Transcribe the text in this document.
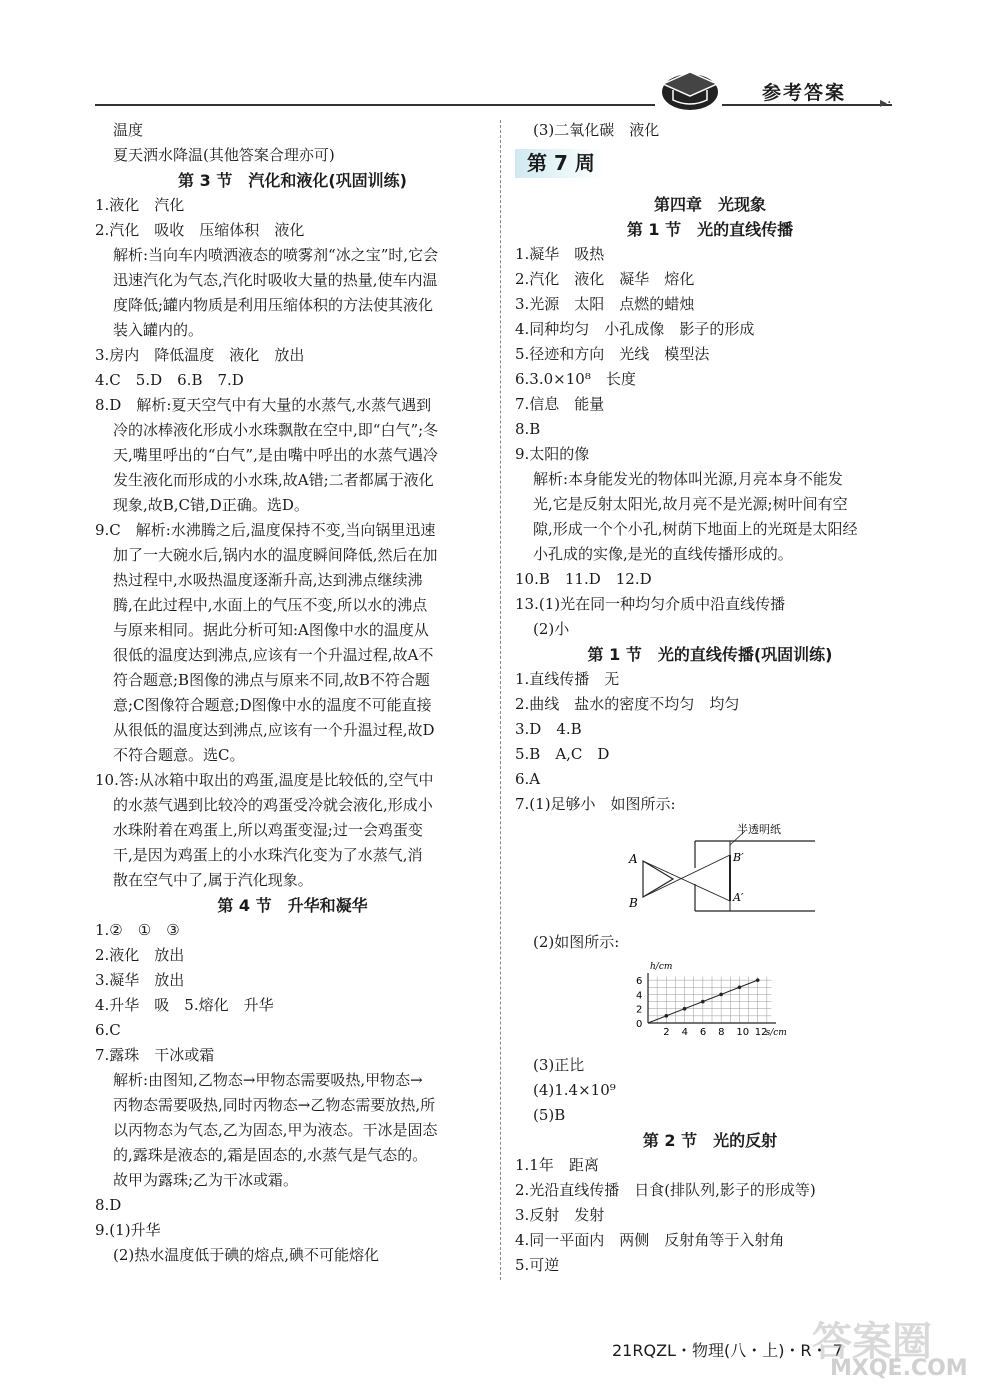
参考答案 ▸·
温度
夏天洒水降温(其他答案合理亦可)
第 3 节　汽化和液化(巩固训练)
1.液化　汽化
2.汽化　吸收　压缩体积　液化
解析:当向车内喷洒液态的喷雾剂“冰之宝”时,它会
迅速汽化为气态,汽化时吸收大量的热量,使车内温
度降低;罐内物质是利用压缩体积的方法使其液化
装入罐内的。
3.房内　降低温度　液化　放出
4.C　5.D　6.B　7.D
8.D　解析:夏天空气中有大量的水蒸气,水蒸气遇到
冷的冰棒液化形成小水珠飘散在空中,即“白气”;冬
天,嘴里呼出的“白气”,是由嘴中呼出的水蒸气遇冷
发生液化而形成的小水珠,故A错;二者都属于液化
现象,故B,C错,D正确。选D。
9.C　解析:水沸腾之后,温度保持不变,当向锅里迅速
加了一大碗水后,锅内水的温度瞬间降低,然后在加
热过程中,水吸热温度逐渐升高,达到沸点继续沸
腾,在此过程中,水面上的气压不变,所以水的沸点
与原来相同。据此分析可知:A图像中水的温度从
很低的温度达到沸点,应该有一个升温过程,故A不
符合题意;B图像的沸点与原来不同,故B不符合题
意;C图像符合题意;D图像中水的温度不可能直接
从很低的温度达到沸点,应该有一个升温过程,故D
不符合题意。选C。
10.答:从冰箱中取出的鸡蛋,温度是比较低的,空气中
的水蒸气遇到比较冷的鸡蛋受冷就会液化,形成小
水珠附着在鸡蛋上,所以鸡蛋变湿;过一会鸡蛋变
干,是因为鸡蛋上的小水珠汽化变为了水蒸气,消
散在空气中了,属于汽化现象。
第 4 节　升华和凝华
1.②　①　③
2.液化　放出
3.凝华　放出
4.升华　吸　5.熔化　升华
6.C
7.露珠　干冰或霜
解析:由图知,乙物态→甲物态需要吸热,甲物态→
丙物态需要吸热,同时丙物态→乙物态需要放热,所
以丙物态为气态,乙为固态,甲为液态。干冰是固态
的,露珠是液态的,霜是固态的,水蒸气是气态的。
故甲为露珠;乙为干冰或霜。
8.D
9.(1)升华
(2)热水温度低于碘的熔点,碘不可能熔化
(3)二氧化碳　液化
第 7 周
第四章　光现象
第 1 节　光的直线传播
1.凝华　吸热
2.汽化　液化　凝华　熔化
3.光源　太阳　点燃的蜡烛
4.同种均匀　小孔成像　影子的形成
5.径迹和方向　光线　模型法
6.3.0×10⁸　长度
7.信息　能量
8.B
9.太阳的像
解析:本身能发光的物体叫光源,月亮本身不能发
光,它是反射太阳光,故月亮不是光源;树叶间有空
隙,形成一个个小孔,树荫下地面上的光斑是太阳经
小孔成的实像,是光的直线传播形成的。
10.B　11.D　12.D
13.(1)光在同一种均匀介质中沿直线传播
(2)小
第 1 节　光的直线传播(巩固训练)
1.直线传播　无
2.曲线　盐水的密度不均匀　均匀
3.D　4.B
5.B　A,C　D
6.A
7.(1)足够小　如图所示:
半透明纸
A
B
B′
A′
(2)如图所示:
2 4 6 8 10 12
0
2
4
6
s/cm
h/cm
(3)正比
(4)1.4×10⁹
(5)B
第 2 节　光的反射
1.1年　距离
2.光沿直线传播　日食(排队列,影子的形成等)
3.反射　发射
4.同一平面内　两侧　反射角等于入射角
5.可逆
21RQZL・物理(八・上)・R・ 7
答案圈
MXQE.COM
